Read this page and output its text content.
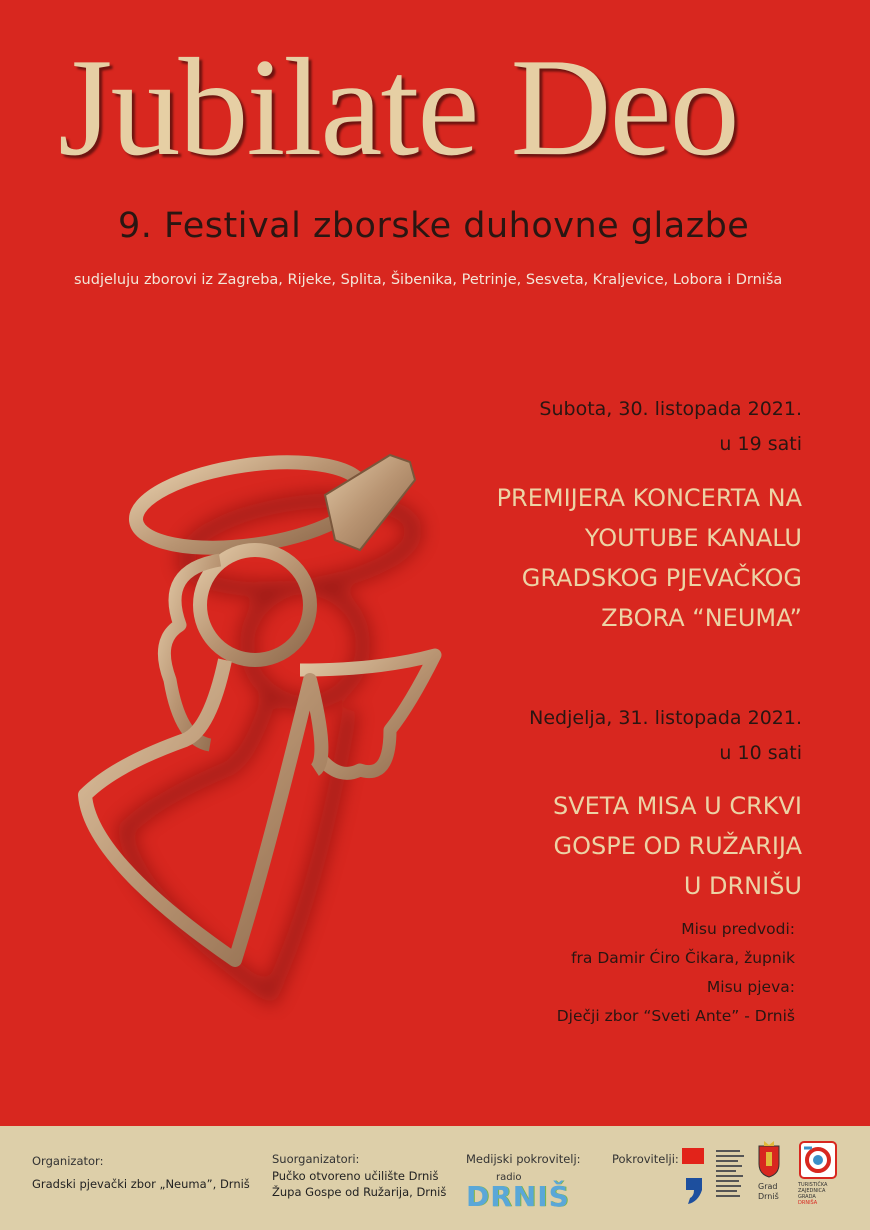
Jubilate Deo
9. Festival zborske duhovne glazbe
sudjeluju zborovi iz Zagreba, Rijeke, Splita, Šibenika, Petrinje, Sesveta, Kraljevice, Lobora i Drniša
Subota, 30. listopada 2021.
u 19 sati
PREMIJERA KONCERTA NA
YOUTUBE KANALU
GRADSKOG PJEVAČKOG
ZBORA “NEUMA”
Nedjelja, 31. listopada 2021.
u 10 sati
SVETA MISA U CRKVI
GOSPE OD RUŽARIJA
U DRNIŠU
Misu predvodi:
fra Damir Ćiro Čikara, župnik
Misu pjeva:
Dječji zbor “Sveti Ante” - Drniš
Organizator:
Gradski pjevački zbor „Neuma”, Drniš
Suorganizatori:
Pučko otvoreno učilište Drniš
Župa Gospe od Ružarija, Drniš
Medijski pokrovitelj:
radio
DRNIŠ
Pokrovitelji:
Grad
Drniš
TURISTIČKA
ZAJEDNICA
GRADA
DRNIŠA
